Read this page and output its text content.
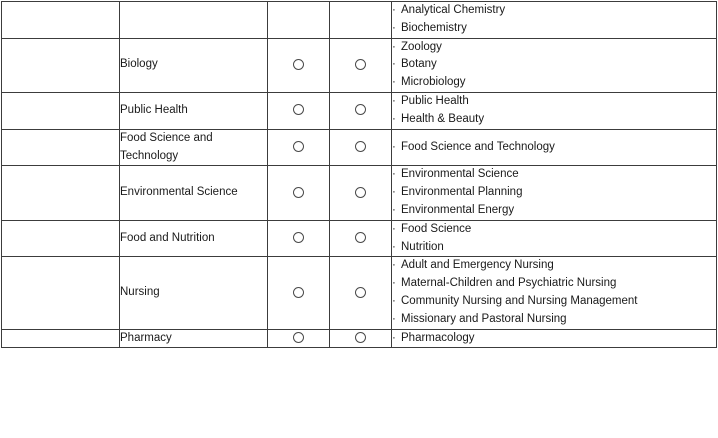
				· Analytical Chemistry
· Biochemistry

	Biology			· Zoology
· Botany
· Microbiology

	Public Health			· Public Health
· Health & Beauty

	Food Science and Technology			· Food Science and Technology

	Environmental Science			· Environmental Science
· Environmental Planning
· Environmental Energy

	Food and Nutrition			· Food Science
· Nutrition

	Nursing			· Adult and Emergency Nursing
· Maternal-Children and Psychiatric Nursing
· Community Nursing and Nursing Management
· Missionary and Pastoral Nursing

	Pharmacy			· Pharmacology
